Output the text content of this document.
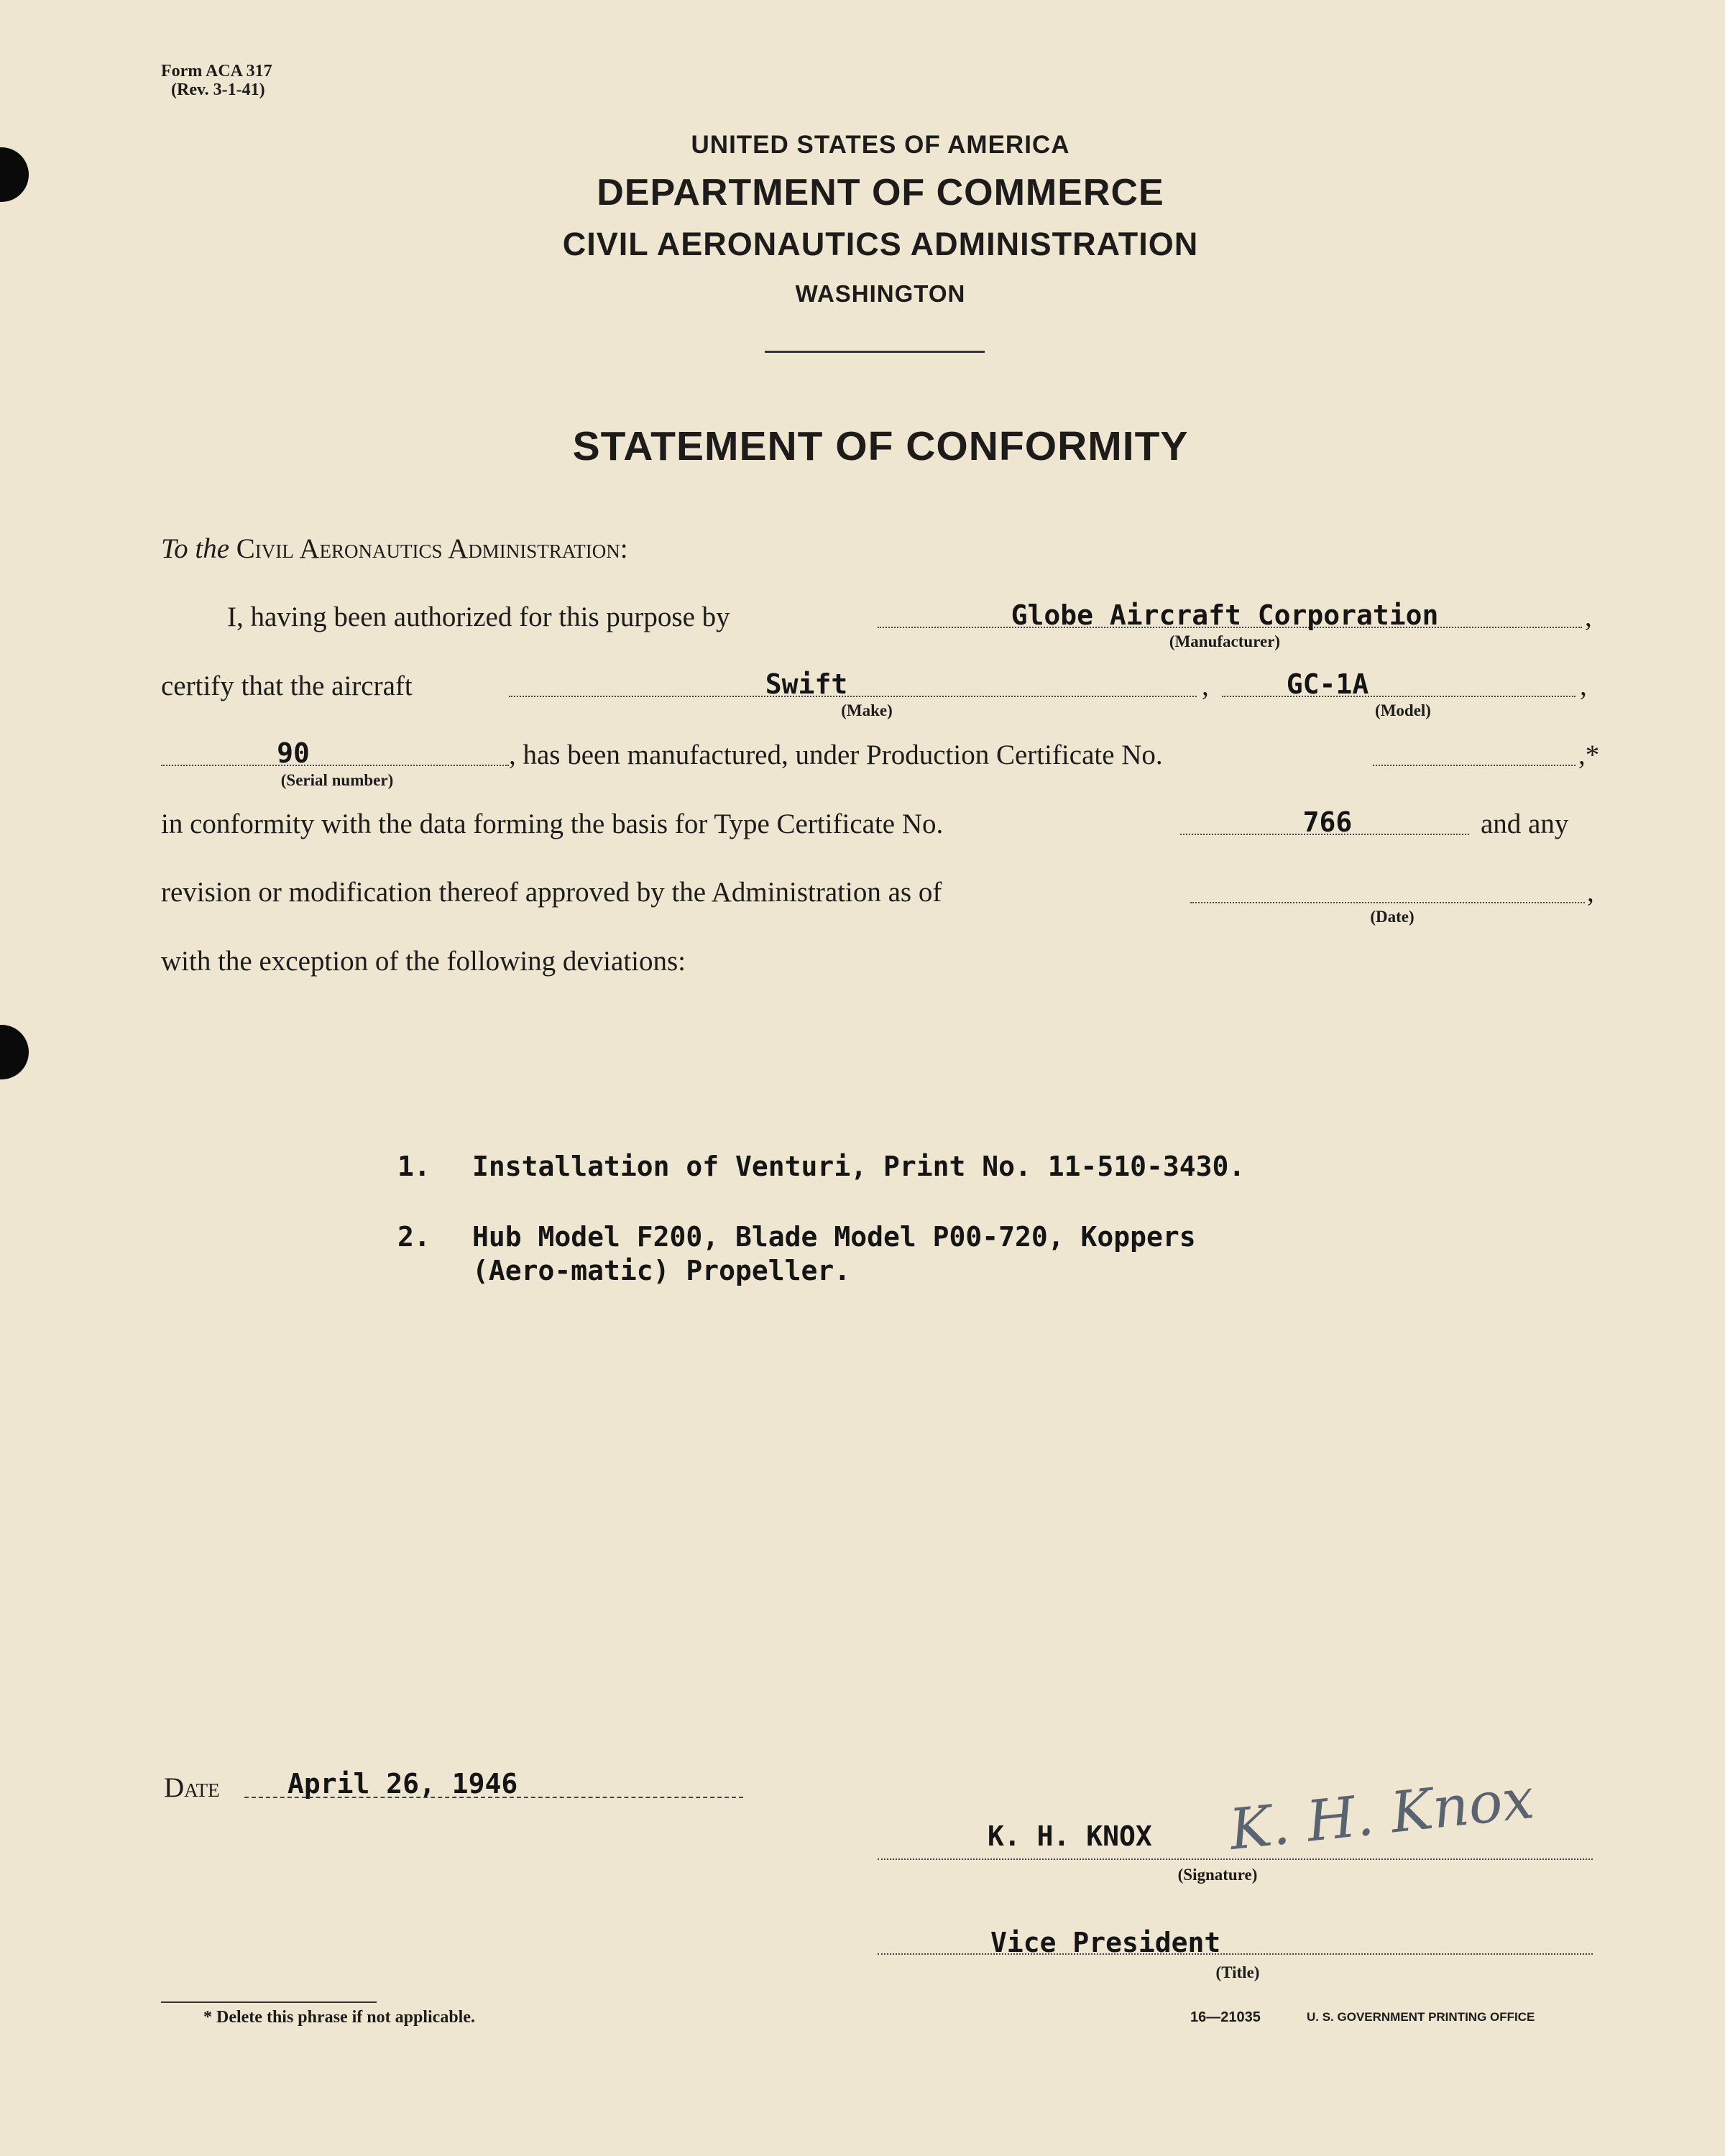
Form ACA 317
(Rev. 3-1-41)
UNITED STATES OF AMERICA
DEPARTMENT OF COMMERCE
CIVIL AERONAUTICS ADMINISTRATION
WASHINGTON
STATEMENT OF CONFORMITY
To the Civil Aeronautics Administration:
I, having been authorized for this purpose by	,
Globe Aircraft Corporation
(Manufacturer)
certify that the aircraft	,	,
Swift	GC-1A
(Make)	(Model)
90
(Serial number)
, has been manufactured, under Production Certificate No.	,*
in conformity with the data forming the basis for Type Certificate No.	766	and any
revision or modification thereof approved by the Administration as of	,
(Date)
with the exception of the following deviations:
1. Installation of Venturi, Print No. 11-510-3430.
2. Hub Model F200, Blade Model P00-720, Koppers
(Aero-matic) Propeller.
Date April 26, 1946
K. H. KNOX K. H. Knox
(Signature)
Vice President
(Title)
* Delete this phrase if not applicable.	16—21035	U. S. GOVERNMENT PRINTING OFFICE
